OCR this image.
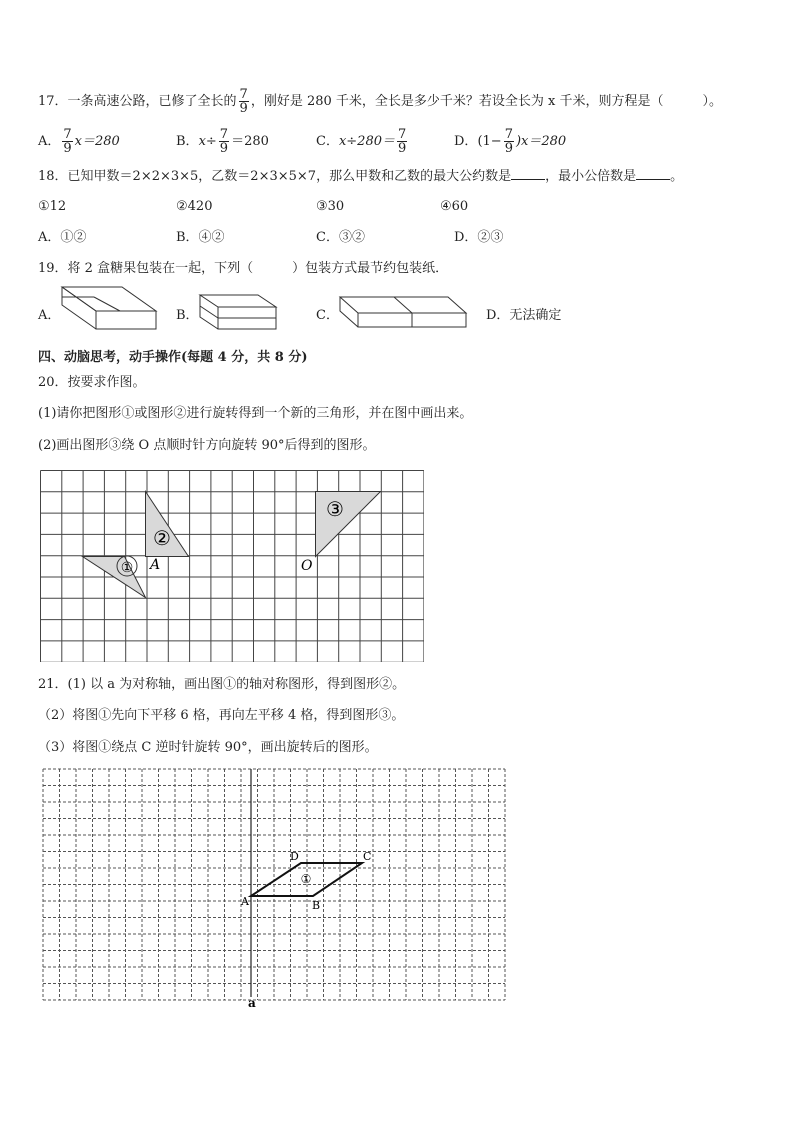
17．一条高速公路，已修了全长的 $\frac{7}{9}$ ，刚好是 280 千米，全长是多少千米？若设全长为 x 千米，则方程是（　　　）。
A． $\frac{7}{9} x=280$	B．$x\div \frac{7}{9} =280$	C．$x\div 280= \frac{7}{9}$	D．$(1- \frac{7}{9} )x=280$
18．已知甲数＝2×2×3×5，乙数＝2×3×5×7，那么甲数和乙数的最大公约数是	，最小公倍数是	。
①12	②420	③30	④60
A．①②	B．④②	C．③②	D．②③
19．将 2 盒糖果包装在一起，下列（　　　）包装方式最节约包装纸．
A．	B．	C．	D．无法确定
四、动脑思考，动手操作(每题 4 分，共 8 分)
20．按要求作图。
(1)请你把图形①或图形②进行旋转得到一个新的三角形，并在图中画出来。
(2)画出图形③绕 O 点顺时针方向旋转 90°后得到的图形。
①
②
③
A	O
21．(1) 以 a 为对称轴，画出图①的轴对称图形，得到图形②。
（2）将图①先向下平移 6 格，再向左平移 4 格，得到图形③。
（3）将图①绕点 C 逆时针旋转 90°，画出旋转后的图形。
A	B
C
D
①
a
